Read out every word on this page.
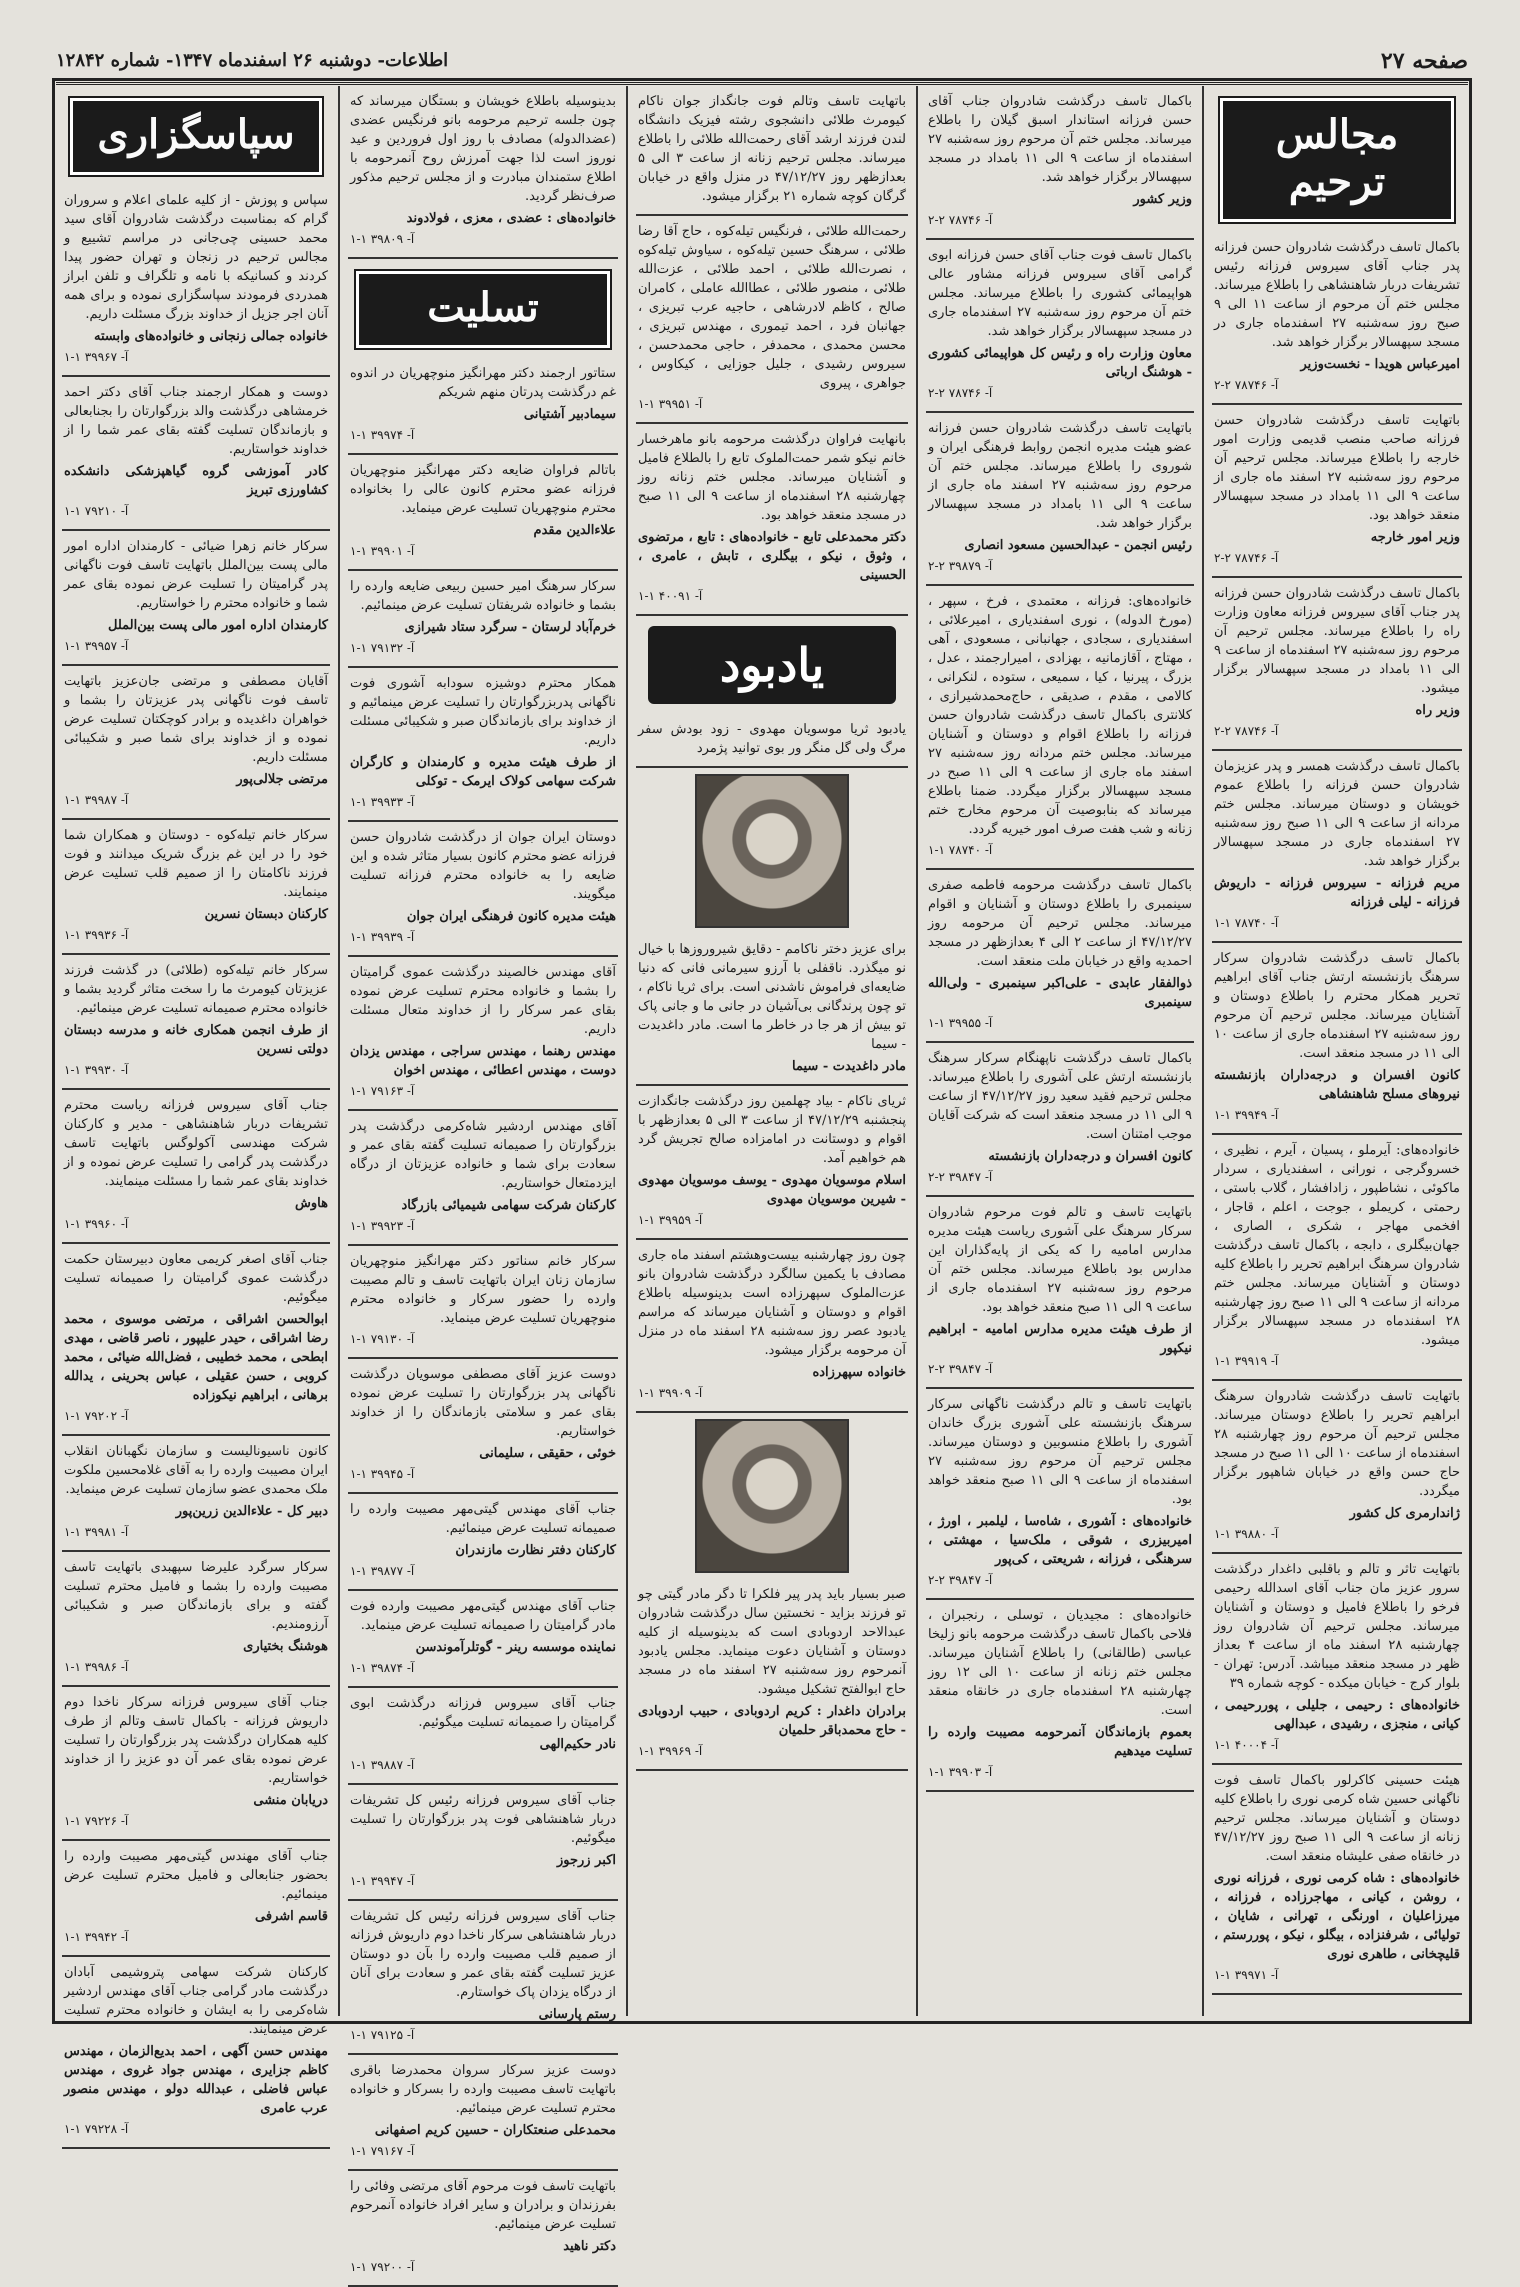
صفحه ۲۷
اطلاعات- دوشنبه ۲۶ اسفندماه ۱۳۴۷- شماره ۱۲۸۴۲
مجالس ترحیم
باکمال تاسف درگذشت شادروان حسن فرزانه پدر جناب آقای سیروس فرزانه رئیس تشریفات دربار شاهنشاهی را باطلاع میرساند. مجلس ختم آن مرحوم از ساعت ۱۱ الی ۹ صبح روز سه‌شنبه ۲۷ اسفندماه جاری در مسجد سپهسالار برگزار خواهد شد.
امیرعباس هویدا - نخست‌وزیر
آ- ۷۸۷۴۶ ۲-۲
باتهایت تاسف درگذشت شادروان حسن فرزانه صاحب منصب قدیمی وزارت امور خارجه را باطلاع میرساند. مجلس ترحیم آن مرحوم روز سه‌شنبه ۲۷ اسفند ماه جاری از ساعت ۹ الی ۱۱ بامداد در مسجد سپهسالار منعقد خواهد بود.
وزیر امور خارجه
آ- ۷۸۷۴۶ ۲-۲
باکمال تاسف درگذشت شادروان حسن فرزانه پدر جناب آقای سیروس فرزانه معاون وزارت راه را باطلاع میرساند. مجلس ترحیم آن مرحوم روز سه‌شنبه ۲۷ اسفندماه از ساعت ۹ الی ۱۱ بامداد در مسجد سپهسالار برگزار میشود.
وزیر راه
آ- ۷۸۷۴۶ ۲-۲
باکمال تاسف درگذشت همسر و پدر عزیزمان شادروان حسن فرزانه را باطلاع عموم خویشان و دوستان میرساند. مجلس ختم مردانه از ساعت ۹ الی ۱۱ صبح روز سه‌شنبه ۲۷ اسفندماه جاری در مسجد سپهسالار برگزار خواهد شد.
مریم فرزانه - سیروس فرزانه - داریوش فرزانه - لیلی فرزانه
آ- ۷۸۷۴۰ ۱-۱
باکمال تاسف درگذشت شادروان سرکار سرهنگ بازنشسته ارتش جناب آقای ابراهیم تحریر همکار محترم را باطلاع دوستان و آشنایان میرساند. مجلس ترحیم آن مرحوم روز سه‌شنبه ۲۷ اسفندماه جاری از ساعت ۱۰ الی ۱۱ در مسجد منعقد است.
کانون افسران و درجه‌داران بازنشسته نیروهای مسلح شاهنشاهی
آ- ۳۹۹۴۹ ۱-۱
خانواده‌های: آیرملو ، پسیان ، آیرم ، نظیری ، خسروگرجی ، نورانی ، اسفندیاری ، سردار ماکوئی ، نشاطپور ، زادافشار ، گلاب باستی ، رحمتی ، کریملو ، جوجت ، اعلم ، قاجار ، افخمی مهاجر ، شکری ، الصاری ، جهان‌بیگلری ، دابجه ، باکمال تاسف درگذشت شادروان سرهنگ ابراهیم تحریر را باطلاع کلیه دوستان و آشنایان میرساند. مجلس ختم مردانه از ساعت ۹ الی ۱۱ صبح روز چهارشنبه ۲۸ اسفندماه در مسجد سپهسالار برگزار میشود.
آ- ۳۹۹۱۹ ۱-۱
باتهایت تاسف درگذشت شادروان سرهنگ ابراهیم تحریر را باطلاع دوستان میرساند. مجلس ترحیم آن مرحوم روز چهارشنبه ۲۸ اسفندماه از ساعت ۱۰ الی ۱۱ صبح در مسجد حاج حسن واقع در خیابان شاهپور برگزار میگردد.
ژاندارمری کل کشور
آ- ۳۹۸۸۰ ۱-۱
باتهایت تاثر و تالم و باقلبی داغدار درگذشت سرور عزیز مان جناب آقای اسدالله رحیمی فرخو را باطلاع فامیل و دوستان و آشنایان میرساند. مجلس ترحیم آن شادروان روز چهارشنبه ۲۸ اسفند ماه از ساعت ۴ بعداز ظهر در مسجد منعقد میباشد. آدرس: تهران - بلوار کرج - خیابان میکده - کوچه شماره ۳۹
خانواده‌های : رحیمی ، جلیلی ، پوررحیمی ، کیانی ، منجزی ، رشیدی ، عبدالهی
آ- ۴۰۰۰۴ ۱-۱
هیئت حسینی کاکرلور باکمال تاسف فوت ناگهانی حسین شاه کرمی نوری را باطلاع کلیه دوستان و آشنایان میرساند. مجلس ترحیم زنانه از ساعت ۹ الی ۱۱ صبح روز ۴۷/۱۲/۲۷ در خانقاه صفی علیشاه منعقد است.
خانواده‌های : شاه کرمی نوری ، فرزانه نوری ، روشن ، کیانی ، مهاجرزاده ، فرزانه ، میرزاعلیان ، اورنگی ، تهرانی ، شایان ، تولیائی ، شرفنزاده ، بیگلو ، نیکو ، پوررستم ، قلیچخانی ، طاهری نوری
آ- ۳۹۹۷۱ ۱-۱
باکمال تاسف درگذشت شادروان جناب آقای حسن فرزانه استاندار اسبق گیلان را باطلاع میرساند. مجلس ختم آن مرحوم روز سه‌شنبه ۲۷ اسفندماه از ساعت ۹ الی ۱۱ بامداد در مسجد سپهسالار برگزار خواهد شد.
وزیر کشور
آ- ۷۸۷۴۶ ۲-۲
باکمال تاسف فوت جناب آقای حسن فرزانه ابوی گرامی آقای سیروس فرزانه مشاور عالی هواپیمائی کشوری را باطلاع میرساند. مجلس ختم آن مرحوم روز سه‌شنبه ۲۷ اسفندماه جاری در مسجد سپهسالار برگزار خواهد شد.
معاون وزارت راه و رئیس کل هواپیمائی کشوری - هوشنگ ارباتی
آ- ۷۸۷۴۶ ۲-۲
باتهایت تاسف درگذشت شادروان حسن فرزانه عضو هیئت مدیره انجمن روابط فرهنگی ایران و شوروی را باطلاع میرساند. مجلس ختم آن مرحوم روز سه‌شنبه ۲۷ اسفند ماه جاری از ساعت ۹ الی ۱۱ بامداد در مسجد سپهسالار برگزار خواهد شد.
رئیس انجمن - عبدالحسین مسعود انصاری
آ- ۳۹۸۷۹ ۲-۲
خانواده‌های: فرزانه ، معتمدی ، فرخ ، سپهر ، (مورخ الدوله) ، نوری اسفندیاری ، امیرعلائی ، اسفندیاری ، سجادی ، جهانبانی ، مسعودی ، آهی ، مهتاج ، آقازمانیه ، بهزادی ، امیرارجمند ، عدل ، بزرگ ، پیرنیا ، کیا ، سمیعی ، ستوده ، لنکرانی ، کالامی ، مقدم ، صدیقی ، حاج‌محمدشیرازی ، کلانتری باکمال تاسف درگذشت شادروان حسن فرزانه را باطلاع اقوام و دوستان و آشنایان میرساند. مجلس ختم مردانه روز سه‌شنبه ۲۷ اسفند ماه جاری از ساعت ۹ الی ۱۱ صبح در مسجد سپهسالار برگزار میگردد. ضمنا باطلاع میرساند که بنابوصیت آن مرحوم مخارج ختم زنانه و شب هفت صرف امور خیریه گردد.
آ- ۷۸۷۴۰ ۱-۱
باکمال تاسف درگذشت مرحومه فاطمه صفری سینمبری را باطلاع دوستان و آشنایان و اقوام میرساند. مجلس ترحیم آن مرحومه روز ۴۷/۱۲/۲۷ از ساعت ۲ الی ۴ بعدازظهر در مسجد احمدیه واقع در خیابان ملت منعقد است.
ذوالفقار عابدی - علی‌اکبر سینمبری - ولی‌الله سینمبری
آ- ۳۹۹۵۵ ۱-۱
باکمال تاسف درگذشت ناپهنگام سرکار سرهنگ بازنشسته ارتش علی آشوری را باطلاع میرساند. مجلس ترحیم فقید سعید روز ۴۷/۱۲/۲۷ از ساعت ۹ الی ۱۱ در مسجد منعقد است که شرکت آقایان موجب امتنان است.
کانون افسران و درجه‌داران بازنشسته
آ- ۳۹۸۴۷ ۲-۲
باتهایت تاسف و تالم فوت مرحوم شادروان سرکار سرهنگ علی آشوری ریاست هیئت مدیره مدارس امامیه را که یکی از پایه‌گذاران این مدارس بود باطلاع میرساند. مجلس ختم آن مرحوم روز سه‌شنبه ۲۷ اسفندماه جاری از ساعت ۹ الی ۱۱ صبح منعقد خواهد بود.
از طرف هیئت مدیره مدارس امامیه - ابراهیم نیکپور
آ- ۳۹۸۴۷ ۲-۲
باتهایت تاسف و تالم درگذشت ناگهانی سرکار سرهنگ بازنشسته علی آشوری بزرگ خاندان آشوری را باطلاع منسوبین و دوستان میرساند. مجلس ترحیم آن مرحوم روز سه‌شنبه ۲۷ اسفندماه از ساعت ۹ الی ۱۱ صبح منعقد خواهد بود.
خانواده‌های : آشوری ، شاه‌سا ، لیلمبر ، اورژ ، امیربیزری ، شوقی ، ملک‌سیا ، مهشتی ، سرهنگی ، فرزانه ، شریعتی ، کی‌پور
آ- ۳۹۸۴۷ ۲-۲
خانواده‌های : مجیدیان ، توسلی ، رنجبران ، فلاحی باکمال تاسف درگذشت مرحومه بانو زلیخا عباسی (طالقانی) را باطلاع آشنایان میرساند. مجلس ختم زنانه از ساعت ۱۰ الی ۱۲ روز چهارشنبه ۲۸ اسفندماه جاری در خانقاه منعقد است.
بعموم بازماندگان آنمرحومه مصیبت وارده را تسلیت میدهیم
آ- ۳۹۹۰۳ ۱-۱
باتهایت تاسف وتالم فوت جانگداز جوان ناکام کیومرث طلائی دانشجوی رشته فیزیک دانشگاه لندن فرزند ارشد آقای رحمت‌الله طلائی را باطلاع میرساند. مجلس ترحیم زنانه از ساعت ۳ الی ۵ بعدازظهر روز ۴۷/۱۲/۲۷ در منزل واقع در خیابان گرگان کوچه شماره ۲۱ برگزار میشود.
رحمت‌الله طلائی ، فرنگیس تیله‌کوه ، حاج آقا رضا طلائی ، سرهنگ حسین تیله‌کوه ، سیاوش تیله‌کوه ، نصرت‌الله طلائی ، احمد طلائی ، عزت‌الله طلائی ، منصور طلائی ، عطاالله عاملی ، کامران صالح ، کاظم لادرشاهی ، حاجیه عرب تبریزی ، جهانبان فرد ، احمد تیموری ، مهندس تبریزی ، محسن محمدی ، محمدفر ، حاجی محمدحسن ، سیروس رشیدی ، جلیل جوزایی ، کیکاوس ، جواهری ، پیروی
آ- ۳۹۹۵۱ ۱-۱
بانهایت فراوان درگذشت مرحومه بانو ماهرخسار خانم نیکو شمر حمت‌الملوک تابع را بالطلاع فامیل و آشنایان میرساند. مجلس ختم زنانه روز چهارشنبه ۲۸ اسفندماه از ساعت ۹ الی ۱۱ صبح در مسجد منعقد خواهد بود.
دکتر محمدعلی تابع - خانواده‌های : تابع ، مرتضوی ، وثوق ، نیکو ، بیگلری ، تابش ، عامری ، الحسینی
آ- ۴۰۰۹۱ ۱-۱
یادبود
یادبود ثریا موسویان مهدوی - زود بودش سفر مرگ ولی گل منگر ور بوی توانید پژمرد
برای عزیز دختر ناکامم - دقایق شیروروزها با خیال نو میگذرد. ناقفلی با آرزو سیرمانی فانی که دنیا ضایعه‌ای فراموش ناشدنی است. برای ثریا ناکام ، تو چون پرندگانی بی‌آشیان در جانی ما و جانی پاک تو بیش از هر جا در خاطر ما است. مادر داغدیدت - سیما
مادر داغدیدت - سیما
ثریای ناکام - بیاد چهلمین روز درگذشت جانگدازت پنجشنبه ۴۷/۱۲/۲۹ از ساعت ۳ الی ۵ بعدازظهر با اقوام و دوستانت در امامزاده صالح تجریش گرد هم خواهیم آمد.
اسلام موسویان مهدوی - یوسف موسویان مهدوی - شیرین موسویان مهدوی
آ- ۳۹۹۵۹ ۱-۱
چون روز چهارشنبه بیست‌وهشتم اسفند ماه جاری مصادف با یکمین سالگرد درگذشت شادروان بانو عزت‌الملوک سپهرزاده است بدینوسیله باطلاع اقوام و دوستان و آشنایان میرساند که مراسم یادبود عصر روز سه‌شنبه ۲۸ اسفند ماه در منزل آن مرحومه برگزار میشود.
خانواده سپهرزاده
آ- ۳۹۹۰۹ ۱-۱
صبر بسیار باید پدر پیر فلکرا تا دگر مادر گیتی چو تو فرزند بزاید - نخستین سال درگذشت شادروان عبدالاحد اردوبادی است که بدینوسیله از کلیه دوستان و آشنایان دعوت مینماید. مجلس یادبود آنمرحوم روز سه‌شنبه ۲۷ اسفند ماه در مسجد حاج ابوالفتح تشکیل میشود.
برادران داغدار : کریم اردوبادی ، حبیب اردوبادی - حاج محمدباقر حلمیان
آ- ۳۹۹۶۹ ۱-۱
بدینوسیله باطلاع خویشان و بستگان میرساند که چون جلسه ترحیم مرحومه بانو فرنگیس عضدی (عضدالدوله) مصادف با روز اول فروردین و عید نوروز است لذا جهت آمرزش روح آنمرحومه با اطلاع ستمندان مبادرت و از مجلس ترحیم مذکور صرف‌نظر گردید.
خانواده‌های : عضدی ، معزی ، فولادوند
آ- ۳۹۸۰۹ ۱-۱
تسلیت
ستاتور ارجمند دکتر مهرانگیز منوچهریان در اندوه غم درگذشت پدرتان منهم شریکم
سیمادبیر آشتیانی
آ- ۳۹۹۷۴ ۱-۱
باتالم فراوان ضایعه دکتر مهرانگیز منوچهریان فرزانه عضو محترم کانون عالی را بخانواده محترم منوچهریان تسلیت عرض مینماید.
علاءالدین مقدم
آ- ۳۹۹۰۱ ۱-۱
سرکار سرهنگ امیر حسین ربیعی ضایعه وارده را بشما و خانواده شریفتان تسلیت عرض مینمائیم.
خرم‌آباد لرستان - سرگرد ستاد شیرازی
آ- ۷۹۱۳۲ ۱-۱
همکار محترم دوشیزه سودابه آشوری فوت ناگهانی پدربزرگوارتان را تسلیت عرض مینمائیم و از خداوند برای بازماندگان صبر و شکیبائی مسئلت داریم.
از طرف هیئت مدیره و کارمندان و کارگران شرکت سهامی کولاک ایرمک - توکلی
آ- ۳۹۹۳۳ ۱-۱
دوستان ایران جوان از درگذشت شادروان حسن فرزانه عضو محترم کانون بسیار متاثر شده و این ضایعه را به خانواده محترم فرزانه تسلیت میگویند.
هیئت مدیره کانون فرهنگی ایران جوان
آ- ۳۹۹۳۹ ۱-۱
آقای مهندس خالصیند درگذشت عموی گرامیتان را بشما و خانواده محترم تسلیت عرض نموده بقای عمر سرکار را از خداوند متعال مسئلت داریم.
مهندس رهنما ، مهندس سراجی ، مهندس یزدان دوست ، مهندس اعطائی ، مهندس اخوان
آ- ۷۹۱۶۳ ۱-۱
آقای مهندس اردشیر شاه‌کرمی درگذشت پدر بزرگوارتان را صمیمانه تسلیت گفته بقای عمر و سعادت برای شما و خانواده عزیزتان از درگاه ایزدمتعال خواستاریم.
کارکنان شرکت سهامی شیمیائی بازرگاد
آ- ۳۹۹۲۳ ۱-۱
سرکار خانم سناتور دکتر مهرانگیز منوچهریان سازمان زنان ایران باتهایت تاسف و تالم مصیبت وارده را حضور سرکار و خانواده محترم منوچهریان تسلیت عرض مینماید.
آ- ۷۹۱۳۰ ۱-۱
دوست عزیز آقای مصطفی موسویان درگذشت ناگهانی پدر بزرگوارتان را تسلیت عرض نموده بقای عمر و سلامتی بازماندگان را از خداوند خواستاریم.
خوئی ، حقیقی ، سلیمانی
آ- ۳۹۹۴۵ ۱-۱
جناب آقای مهندس گیتی‌مهر مصیبت وارده را صمیمانه تسلیت عرض مینمائیم.
کارکنان دفتر نظارت مازندران
آ- ۳۹۸۷۷ ۱-۱
جناب آقای مهندس گیتی‌مهر مصیبت وارده فوت مادر گرامیتان را صمیمانه تسلیت عرض مینماید.
نماینده موسسه رینر - گوتلرآموندسن
آ- ۳۹۸۷۴ ۱-۱
جناب آقای سیروس فرزانه درگذشت ابوی گرامیتان را صمیمانه تسلیت میگوئیم.
نادر حکیم‌الهی
آ- ۳۹۸۸۷ ۱-۱
جناب آقای سیروس فرزانه رئیس کل تشریفات دربار شاهنشاهی فوت پدر بزرگوارتان را تسلیت میگوئیم.
اکبر زرجوز
آ- ۳۹۹۴۷ ۱-۱
جناب آقای سیروس فرزانه رئیس کل تشریفات دربار شاهنشاهی سرکار ناخدا دوم داریوش فرزانه از صمیم قلب مصیبت وارده را بآن دو دوستان عزیز تسلیت گفته بقای عمر و سعادت برای آنان از درگاه یزدان پاک خواستارم.
رستم پارسانی
آ- ۷۹۱۲۵ ۱-۱
دوست عزیز سرکار سروان محمدرضا باقری باتهایت تاسف مصیبت وارده را بسرکار و خانواده محترم تسلیت عرض مینمائیم.
محمدعلی صنعتکاران - حسین کریم اصفهانی
آ- ۷۹۱۶۷ ۱-۱
باتهایت تاسف فوت مرحوم آقای مرتضی وفائی را بفرزندان و برادران و سایر افراد خانواده آنمرحوم تسلیت عرض مینمائیم.
دکتر ناهید
آ- ۷۹۲۰۰ ۱-۱
سپاسگزاری
سپاس و پوزش - از کلیه علمای اعلام و سروران گرام که بمناسبت درگذشت شادروان آقای سید محمد حسینی چی‌جانی در مراسم تشییع و مجالس ترحیم در زنجان و تهران حضور پیدا کردند و کسانیکه با نامه و تلگراف و تلفن ابراز همدردی فرمودند سپاسگزاری نموده و برای همه آنان اجر جزیل از خداوند بزرگ مسئلت داریم.
خانواده جمالی زنجانی و خانواده‌های وابسته
آ- ۳۹۹۶۷ ۱-۱
دوست و همکار ارجمند جناب آقای دکتر احمد خرمشاهی درگذشت والد بزرگوارتان را بجنابعالی و بازماندگان تسلیت گفته بقای عمر شما را از خداوند خواستاریم.
کادر آموزشی گروه گیاهپزشکی دانشکده کشاورزی تبریز
آ- ۷۹۲۱۰ ۱-۱
سرکار خانم زهرا ضیائی - کارمندان اداره امور مالی پست بین‌الملل باتهایت تاسف فوت ناگهانی پدر گرامیتان را تسلیت عرض نموده بقای عمر شما و خانواده محترم را خواستاریم.
کارمندان اداره امور مالی پست بین‌الملل
آ- ۳۹۹۵۷ ۱-۱
آقایان مصطفی و مرتضی جان‌عزیز باتهایت تاسف فوت ناگهانی پدر عزیزتان را بشما و خواهران داغدیده و برادر کوچکتان تسلیت عرض نموده و از خداوند برای شما صبر و شکیبائی مسئلت داریم.
مرتضی جلالی‌پور
آ- ۳۹۹۸۷ ۱-۱
سرکار خانم تیله‌کوه - دوستان و همکاران شما خود را در این غم بزرگ شریک میدانند و فوت فرزند ناکامتان را از صمیم قلب تسلیت عرض مینمایند.
کارکنان دبستان نسرین
آ- ۳۹۹۳۶ ۱-۱
سرکار خانم تیله‌کوه (طلائی) در گذشت فرزند عزیزتان کیومرث ما را سخت متاثر گردید بشما و خانواده محترم صمیمانه تسلیت عرض مینمائیم.
از طرف انجمن همکاری خانه و مدرسه دبستان دولتی نسرین
آ- ۳۹۹۳۰ ۱-۱
جناب آقای سیروس فرزانه ریاست محترم تشریفات دربار شاهنشاهی - مدیر و کارکنان شرکت مهندسی آکولوگس باتهایت تاسف درگذشت پدر گرامی را تسلیت عرض نموده و از خداوند بقای عمر شما را مسئلت مینمایند.
هاوش
آ- ۳۹۹۶۰ ۱-۱
جناب آقای اصغر کریمی معاون دبیرستان حکمت درگذشت عموی گرامیتان را صمیمانه تسلیت میگوئیم.
ابوالحسن اشراقی ، مرتضی موسوی ، محمد رضا اشراقی ، حیدر علیپور ، ناصر قاضی ، مهدی ابطحی ، محمد خطیبی ، فضل‌الله ضیائی ، محمد کروبی ، حسن عقیلی ، عباس بحرینی ، یدالله برهانی ، ابراهیم نیکوزاده
آ- ۷۹۲۰۲ ۱-۱
کانون ناسیونالیست و سازمان نگهبانان انقلاب ایران مصیبت وارده را به آقای غلامحسین ملکوت ملک محمدی عضو سازمان تسلیت عرض مینماید.
دبیر کل - علاءالدین زرین‌پور
آ- ۳۹۹۸۱ ۱-۱
سرکار سرگرد علیرضا سپهبدی باتهایت تاسف مصیبت وارده را بشما و فامیل محترم تسلیت گفته و برای بازماندگان صبر و شکیبائی آرزومندیم.
هوشنگ بختیاری
آ- ۳۹۹۸۶ ۱-۱
جناب آقای سیروس فرزانه سرکار ناخدا دوم داریوش فرزانه - باکمال تاسف وتالم از طرف کلیه همکاران درگذشت پدر بزرگوارتان را تسلیت عرض نموده بقای عمر آن دو عزیز را از خداوند خواستاریم.
دریابان منشی
آ- ۷۹۲۲۶ ۱-۱
جناب آقای مهندس گیتی‌مهر مصیبت وارده را بحضور جنابعالی و فامیل محترم تسلیت عرض مینمائیم.
قاسم اشرفی
آ- ۳۹۹۴۲ ۱-۱
کارکنان شرکت سهامی پتروشیمی آبادان درگذشت مادر گرامی جناب آقای مهندس اردشیر شاه‌کرمی را به ایشان و خانواده محترم تسلیت عرض مینمایند.
مهندس حسن آگهی ، احمد بدیع‌الزمان ، مهندس کاظم جزایری ، مهندس جواد غروی ، مهندس عباس فاضلی ، عبدالله دولو ، مهندس منصور عرب عامری
آ- ۷۹۲۲۸ ۱-۱
